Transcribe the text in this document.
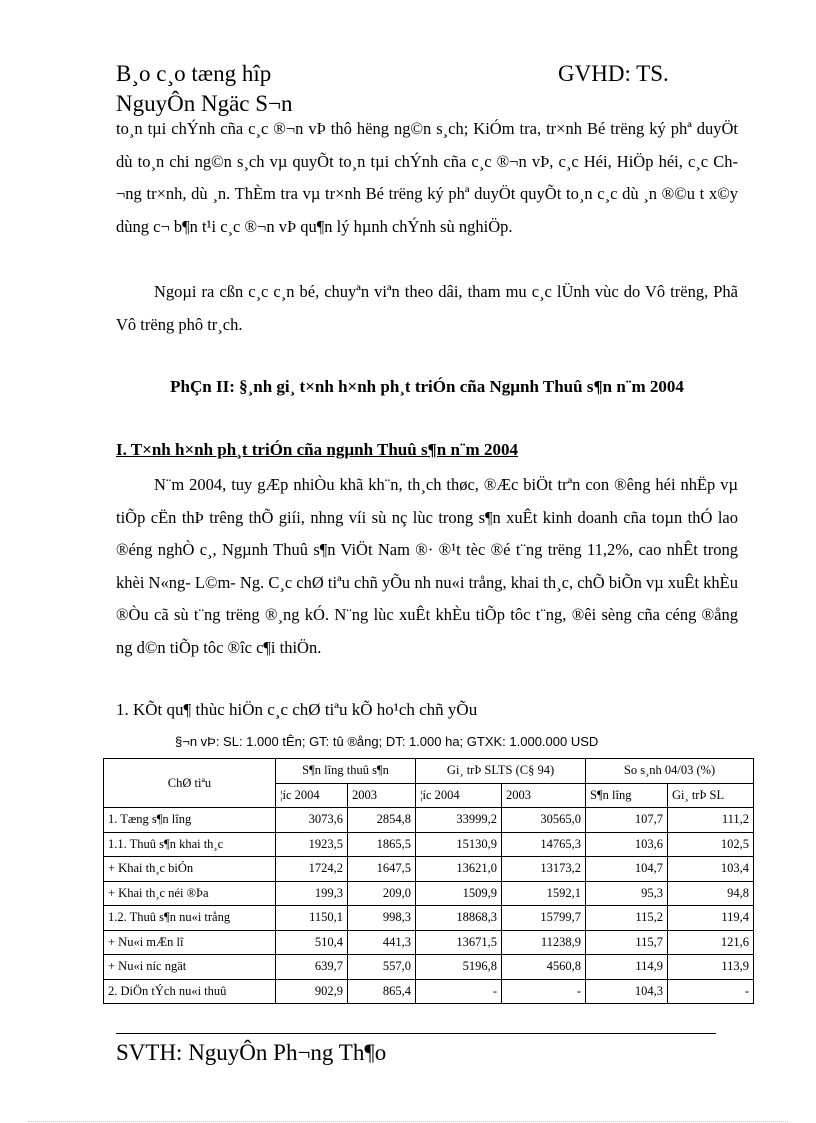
B¸o c¸o tæng hîp	GVHD: TS.
NguyÔn Ngäc S¬n
to¸n tµi chÝnh cña c¸c ®¬n vÞ thô hëng ng©n s¸ch; KiÓm tra, tr×nh Bé trëng ký phª duyÖt dù to¸n chi ng©n s¸ch vµ quyÕt to¸n tµi chÝnh cña c¸c ®¬n vÞ, c¸c Héi, HiÖp héi, c¸c Ch¬ng tr×nh, dù ¸n. ThÈm tra vµ tr×nh Bé trëng ký phª duyÖt quyÕt to¸n c¸c dù ¸n ®©u t x©y dùng c¬ b¶n t¹i c¸c ®¬n vÞ qu¶n lý hµnh chÝnh sù nghiÖp.
Ngoµi ra cßn c¸c c¸n bé, chuyªn viªn theo dâi, tham mu c¸c lÜnh vùc do Vô trëng, Phã Vô trëng phô tr¸ch.
PhÇn II: §¸nh gi¸ t×nh h×nh ph¸t triÓn cña Ngµnh Thuû s¶n n¨m 2004
I. T×nh h×nh ph¸t triÓn cña ngµnh Thuû s¶n n¨m 2004
N¨m 2004, tuy gÆp nhiÒu khã kh¨n, th¸ch thøc, ®Æc biÖt trªn con ®êng héi nhËp vµ tiÕp cËn thÞ trêng thÕ giíi, nhng víi sù nç lùc trong s¶n xuÊt kinh doanh cña toµn thÓ lao ®éng nghÒ c¸, Ngµnh Thuû s¶n ViÖt Nam ®· ®¹t tèc ®é t¨ng trëng 11,2%, cao nhÊt trong khèi N«ng- L©m- Ng. C¸c chØ tiªu chñ yÕu nh nu«i trång, khai th¸c, chÕ biÕn vµ xuÊt khÈu ®Òu cã sù t¨ng trëng ®¸ng kÓ. N¨ng lùc xuÊt khÈu tiÕp tôc t¨ng, ®êi sèng cña céng ®ång ng d©n tiÕp tôc ®îc c¶i thiÖn.
1. KÕt qu¶ thùc hiÖn c¸c chØ tiªu kÕ ho¹ch chñ yÕu
§¬n vÞ: SL: 1.000 tÊn; GT: tû ®ång; DT: 1.000 ha; GTXK: 1.000.000 USD
ChØ tiªu	S¶n lîng thuû s¶n		Gi¸ trÞ SLTS (C§ 94)		So s¸nh 04/03 (%)	
	¦íc 2004	2003	¦íc 2004	2003	S¶n lîng	Gi¸ trÞ SL
1. Tæng s¶n lîng	3073,6	2854,8	33999,2	30565,0	107,7	111,2
1.1. Thuû s¶n khai th¸c	1923,5	1865,5	15130,9	14765,3	103,6	102,5
+ Khai th¸c biÓn	1724,2	1647,5	13621,0	13173,2	104,7	103,4
+ Khai th¸c néi ®Þa	199,3	209,0	1509,9	1592,1	95,3	94,8
1.2. Thuû s¶n nu«i trång	1150,1	998,3	18868,3	15799,7	115,2	119,4
+ Nu«i mÆn lî	510,4	441,3	13671,5	11238,9	115,7	121,6
+ Nu«i níc ngät	639,7	557,0	5196,8	4560,8	114,9	113,9
2. DiÖn tÝch nu«i thuû	902,9	865,4	-	-	104,3	-
SVTH: NguyÔn Ph¬ng Th¶o
